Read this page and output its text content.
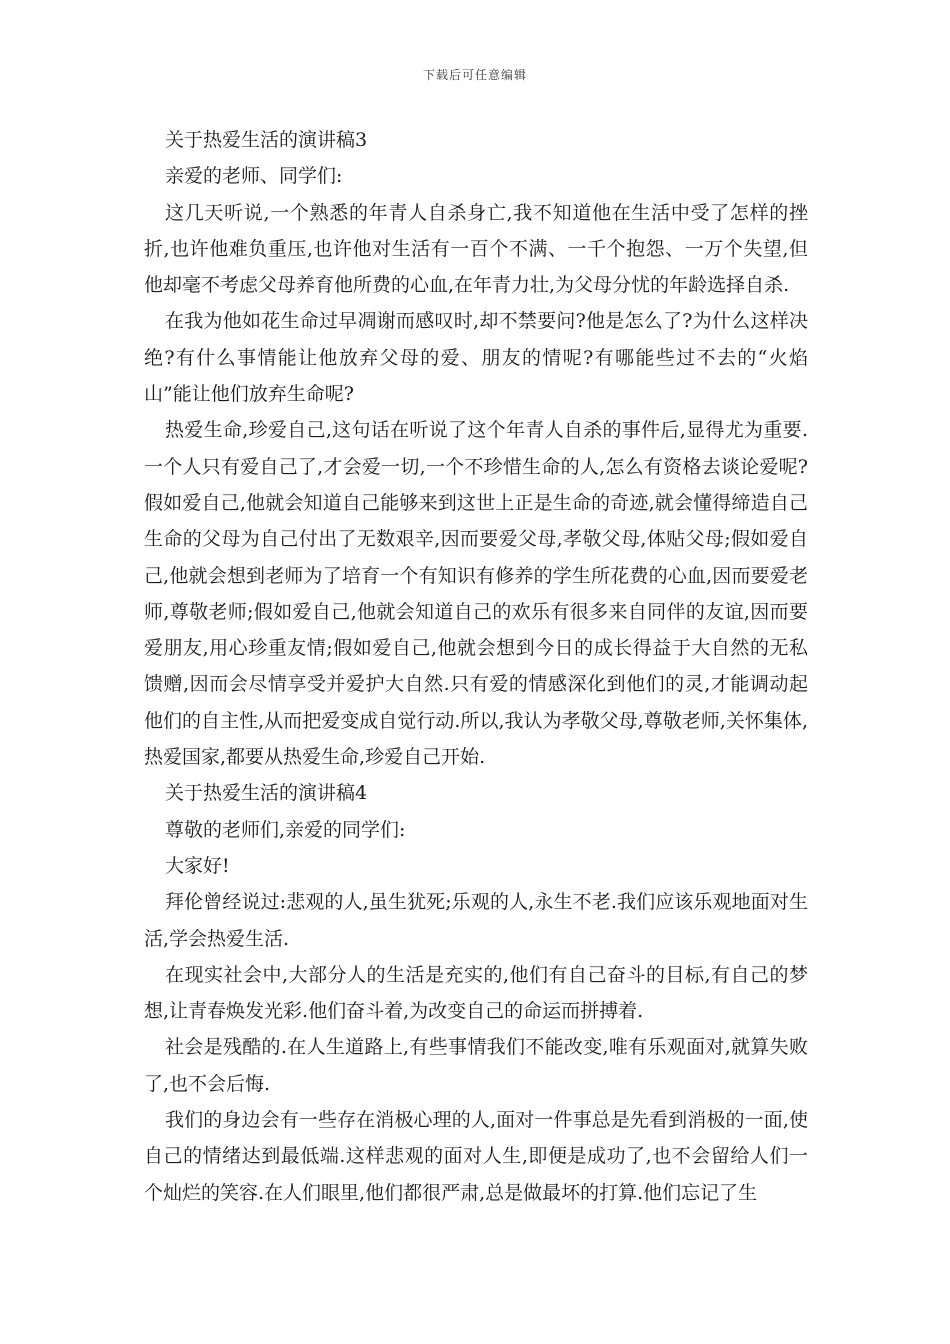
下载后可任意编辑

关于热爱生活的演讲稿3

亲爱的老师、同学们:

这几天听说,一个熟悉的年青人自杀身亡,我不知道他在生活中受了怎样的挫折,也许他难负重压,也许他对生活有一百个不满、一千个抱怨、一万个失望,但他却毫不考虑父母养育他所费的心血,在年青力壮,为父母分忧的年龄选择自杀.

在我为他如花生命过早凋谢而感叹时,却不禁要问?他是怎么了?为什么这样决绝?有什么事情能让他放弃父母的爱、朋友的情呢?有哪能些过不去的“火焰山”能让他们放弃生命呢?

热爱生命,珍爱自己,这句话在听说了这个年青人自杀的事件后,显得尤为重要.一个人只有爱自己了,才会爱一切,一个不珍惜生命的人,怎么有资格去谈论爱呢?假如爱自己,他就会知道自己能够来到这世上正是生命的奇迹,就会懂得缔造自己生命的父母为自己付出了无数艰辛,因而要爱父母,孝敬父母,体贴父母;假如爱自己,他就会想到老师为了培育一个有知识有修养的学生所花费的心血,因而要爱老师,尊敬老师;假如爱自己,他就会知道自己的欢乐有很多来自同伴的友谊,因而要爱朋友,用心珍重友情;假如爱自己,他就会想到今日的成长得益于大自然的无私馈赠,因而会尽情享受并爱护大自然.只有爱的情感深化到他们的灵,才能调动起他们的自主性,从而把爱变成自觉行动.所以,我认为孝敬父母,尊敬老师,关怀集体,热爱国家,都要从热爱生命,珍爱自己开始.

关于热爱生活的演讲稿4

尊敬的老师们,亲爱的同学们:

大家好!

拜伦曾经说过:悲观的人,虽生犹死;乐观的人,永生不老.我们应该乐观地面对生活,学会热爱生活.

在现实社会中,大部分人的生活是充实的,他们有自己奋斗的目标,有自己的梦想,让青春焕发光彩.他们奋斗着,为改变自己的命运而拼搏着.

社会是残酷的.在人生道路上,有些事情我们不能改变,唯有乐观面对,就算失败了,也不会后悔.

我们的身边会有一些存在消极心理的人,面对一件事总是先看到消极的一面,使自己的情绪达到最低端.这样悲观的面对人生,即便是成功了,也不会留给人们一个灿烂的笑容.在人们眼里,他们都很严肃,总是做最坏的打算.他们忘记了生
